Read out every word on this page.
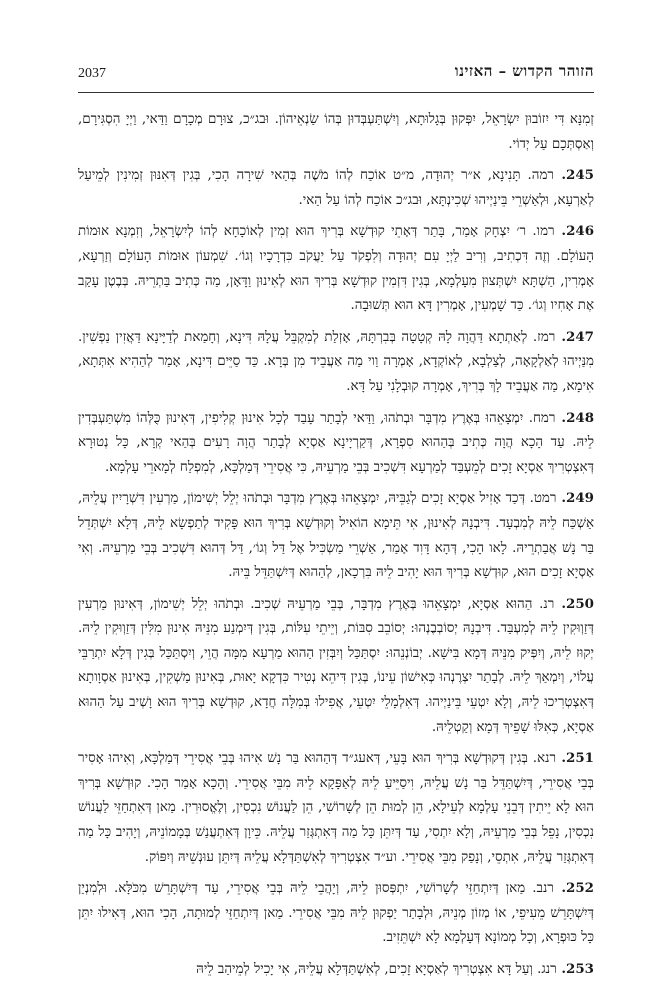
2037	הזוהר הקדוש – האזינו

זְמִנָּא דִּי יִזוֹבוּן יִשְׂרָאֵל, יִפְּקוּן בְּגָלוּתָא, וְיִשְׁתַּעְבְּדוּן בְּהוֹ שַׂנְאֵיהוֹן. וּבג״כ, צוּרָם מְכָרָם וַדַּאי, וַיְיָ הִסְגִּירָם, וְאַסְתְּכָם עַל יְדוֹי.

245. רמה. תָּנִינָא, א״ר יְהוּדָה, מ״ט אוֹכַח לְהוֹ מֹשֶׁה בְּהַאי שִׁירָה הָכִי, בְּגִין דְּאִנּוּן זְמִינִין לְמֵיעַל לְאַרְעָא, וּלְאַשְׁרֵי בֵּינַיְיהוּ שְׁכִינְתָּא, וּבג״כ אוֹכַח לְהוֹ עַל הַאי.

246. רמו. ר׳ יִצְחָק אָמַר, בָּתַר דְּאָתֵי קוּדְשָׁא בְּרִיךְ הוּא זְמִין לְאוֹכָחָא לְהוֹ לְיִשְׂרָאֵל, וְזִמְנָא אוּמוֹת הָעוֹלָם. וְזֶה דִּכְתִיב, וְרִיב לַיְיָ עִם יְהוּדָה וְלִפְקֹד עַל יַעֲקֹב כִּדְרָכָיו וְגוֹ׳. שִׁמְעוֹן אוּמוֹת הָעוֹלָם וְזַרְעָא, אָמְרִין, הַשְׁתָּא יִשְׁתְּצוּן מִעָלְמָא, בְּגִין דִּזְמִין קוּדְשָׁא בְּרִיךְ הוּא לְאִינוּן וַדָּאָן, מַה כְּתִיב בַּתְרֵיהּ. בְּבֶטֶן עָקַב אֶת אָחִיו וְגוֹ׳. כַּד שָׁמְעִין, אָמְרִין דָּא הוּא תְּשׁוּבָה.

247. רמז. לְאַתְתָא דַּהֲוָה לָהּ קְטָטָה בְּבִרְתָּהּ, אָזְלַת לְמִקְבֵּל עֲלָהּ דִּינָא, וְחָמַאת לְדַיָּינָא דַּאֲזִין נַפְשִׁין. מִנַּיְיהוּ לְאַלְקָאָה, לְצַלְבָא, לְאוֹקְדָא, אָמְרָה וַוי מַה אַעֲבֵיד מִן בְּרָא. כַּד סַיֵּים דִּינָא, אָמַר לְהַהִיא אִתְּתָא, אִימָא, מַה אַעֲבֵיד לָךְ בְּרִיךְ, אָמְרָה קוּבְלָנִי עַל דָּא.

248. רמח. יִמְצָאֵהוּ בְּאֶרֶץ מִדְבָּר וּבְתֹהוּ, וַדַּאי לְבָתַר עָבַד לְכָל אִינוּן קְלִיפִין, דְּאִינוּן כֻּלְּהוֹ מִשְׁתַּעְבְּדִין לֵיהּ. עַד הָכָא הֲוָה כְּתִיב בְּהַהוּא סִפְרָא, דְּקַרְיָינָא אַסְיָא לְבָתַר הֲוָה רָעִים בְּהַאי קְרָא, כָּל נְטוּרָא דְּאִצְטְרִיךְ אַסְיָא זָכִים לְמֵעְבַּד לְמַרְעָא דִּשְׁכִיב בְּבֵי מַרְעֵיהּ, כִּי אֲסִירֵי דְּמַלְכָּא, לְמִפְלַח לְמָארֵי עָלְמָא.

249. רמט. דְּכַד אָזִיל אַסְיָא זָכִים לְגַבֵּיהּ, יִמְצָאֵהוּ בְּאֶרֶץ מִדְבָּר וּבְתֹהוּ יְלֵל יְשִׁימוֹן, מַרְעִין דִּשְׁרָיִין עֲלֵיהּ, אַשְׁכַּח לֵיהּ לְמִבְעָד. דִּיבְנָהּ לְאִינוּן, אִי תֵּימָא הוֹאִיל וְקוּדְשָׁא בְּרִיךְ הוּא פָּקִיד לְתַפְשָׂא לֵיהּ, דְּלָא יִשְׁתְּדֵל בַּר נָשׁ אֲבַתְרֵיהּ. לָאו הָכִי, דְּהָא דָּוִד אָמַר, אַשְׁרֵי מַשְׂכִּיל אֶל דַּל וְגוֹ׳, דַּל דְּהוּא דִּשְׁכִיב בְּבֵי מַרְעֵיהּ. וְאִי אַסְיָא זָכִים הוּא, קוּדְשָׁא בְּרִיךְ הוּא יָהִיב לֵיהּ בִּרְכָאן, לְהַהוּא דְּיִשְׁתַּדֵּל בֵּיהּ.

250. רנ. הַהוּא אַסְיָא, יִמְצָאֵהוּ בְּאֶרֶץ מִדְבָּר, בְּבֵי מַרְעֵיהּ שְׁכִיב. וּבְתֹהוּ יְלֵל יְשִׁימוֹן, דְּאִינוּן מַרְעִין דְּזַוְוּקִין לֵיהּ לְמִעְבַּד. דִּיבְנָהּ יְסוֹבְבֶנְהוּ: יְסוֹבֵב סִבּוֹת, וְיֵיתֵי עִלּוֹת, בְּגִין דְּיִמְנַע מִנֵּיהּ אִינוּן מִלִּין דְּזַוְוּקִין לֵיהּ. יְקוּז לֵיהּ, וְיִפְּיק מִנֵּיהּ דְּמָא בִּישָׁא. יְבוֹנְנֵהוּ: יִסְתַּכַּל וְיִבְּזִין הַהוּא מַרְעָא מִמָּה הֲוֵי, וְיִסְתַּכַּל בְּגִין דְּלָא יִתְרַבֵּי עֲלוֹי, וְיִמְאַךְ לֵיהּ. לְבָתַר יִצְרֶנְהוּ כְּאִישׁוֹן עֵינוֹ, בְּגִין דִּיהֵא נְטִיר כִּדְקָא יָאוּת, בְּאִינוּן מַשְׁקִין, בְּאִינוּן אַסְוָותָא דְּאִצְטְרִיכוּ לֵיהּ, וְלָא יִטְעֵי בֵּינַיְיהוּ. דְּאִלְמָלֵי יִטְעֵי, אֲפִילוּ בְּמִלָּה חֲדָא, קוּדְשָׁא בְּרִיךְ הוּא וָשְׁיב עַל הַהוּא אַסְיָא, כְּאִלּוּ שָׁפֵיךְ דְּמָא וְקַטְלֵיהּ.

251. רנא. בְּגִין דְּקוּדְשָׁא בְּרִיךְ הוּא בָּעֵי, דְּאעג״ד דְּהַהוּא בַּר נָשׁ אִיהוּ בְּבֵי אֲסִירֵי דְּמַלְכָּא, וְאִיהוּ אָסִיר בְּבֵי אֲסִירֵי, דְּיִשְׁתַּדֵּל בַּר נָשׁ עֲלֵיהּ, וִיסַיֵּיעַ לֵיהּ לְאַפָּקָא לֵיהּ מִבֵּי אֲסִירֵי. וְהָכָא אָמַר הָכִי. קוּדְשָׁא בְּרִיךְ הוּא לָא יֵיתִין דְּבֵנֵי עָלְמָא לְעֵילָא, הֵן לְמוּת הֵן לְשָׁרוֹשִׁי, הֵן לַעֲנוֹשׁ נִכְסִין, וְלֶאֱסוּרִין. מַאן דְּאִתְחַזֵּי לַעֲנוֹשׁ נִכְסִין, נָפֵל בְּבֵי מַרְעֵיהּ, וְלָא יִתְסִי, עַד דְּיִתֵּן כָּל מַה דְּאִתְגְּזַר עֲלֵיהּ. כֵּיוָן דְּאִתְעֲנַשׁ בְּמָמוֹנֵיהּ, וְיָהִיב כָּל מַה דְּאִתְגְּזַר עֲלֵיהּ, אִתְסֵי, וְנָפַק מִבֵּי אֲסִירֵי. וע״ד אִצְטְרִיךְ לְאִשְׁתַּדְּלָא עֲלֵיהּ דְּיִתֵּן עוּנְשֵׁיהּ וְיִפּוֹק.

252. רנב. מַאן דְּיִתְחַזֵּי לְשָׁרוֹשִׁי, יִתְפְּסוּן לֵיהּ, וְיָהֲבֵי לֵיהּ בְּבֵי אֲסִירֵי, עַד דְּיִשְׁתָּרֵשׁ מִכֹּלָּא. וּלְמִנְיַן דְּיִשְׁתָּרֵשׁ מֵעִיפֵי, אוֹ מְזוֹן מְנֵיהּ, וּלְבָתַר יַפְקוּן לֵיהּ מִבֵּי אֲסִירֵי. מַאן דְּיִתְחַזֵּי לְמוּתָה, הָכִי הוּא, דְּאִילוּ יִתֵּן כָּל כּוּפְרָא, וְכָל מְמוֹנָא דְּעָלְמָא לָא יִשְׁתֵּזִיב.

253. רנג. וְעַל דָּא אִצְטְרִיךְ לְאַסְיָא זָכִים, לְאִשְׁתַּדְּלָא עֲלֵיהּ, אִי יָכִיל לְמֵיהַב לֵיהּ
